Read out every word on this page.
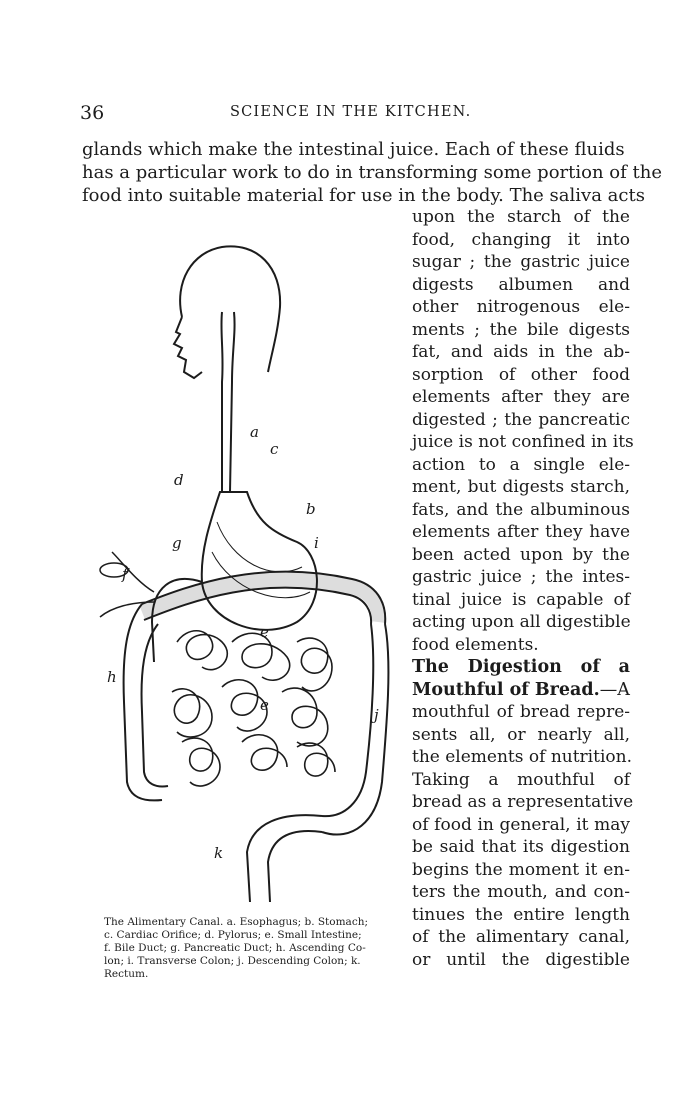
36	SCIENCE IN THE KITCHEN.
glands which make the intestinal juice. Each of these fluids
has a particular work to do in transforming some portion of the
food into suitable material for use in the body. The saliva acts
upon the starch of the
food, changing it into
sugar ; the gastric juice
digests albumen and
other nitrogenous ele-
ments ; the bile digests
fat, and aids in the ab-
sorption of other food
elements after they are
digested ; the pancreatic
juice is not confined in its
action to a single ele-
ment, but digests starch,
fats, and the albuminous
elements after they have
been acted upon by the
gastric juice ; the intes-
tinal juice is capable of
acting upon all digestible
food elements.
The Digestion of a
Mouthful of Bread.—A
mouthful of bread repre-
sents all, or nearly all,
the elements of nutrition.
Taking a mouthful of
bread as a representative
of food in general, it may
be said that its digestion
begins the moment it en-
ters the mouth, and con-
tinues the entire length
of the alimentary canal,
or until the digestible
a
c
d
b
g	i
f
h
j
k
e
e
The Alimentary Canal. a. Esophagus; b. Stomach;
c. Cardiac Orifice; d. Pylorus; e. Small Intestine;
f. Bile Duct; g. Pancreatic Duct; h. Ascending Co-
lon; i. Transverse Colon; j. Descending Colon; k.
Rectum.
